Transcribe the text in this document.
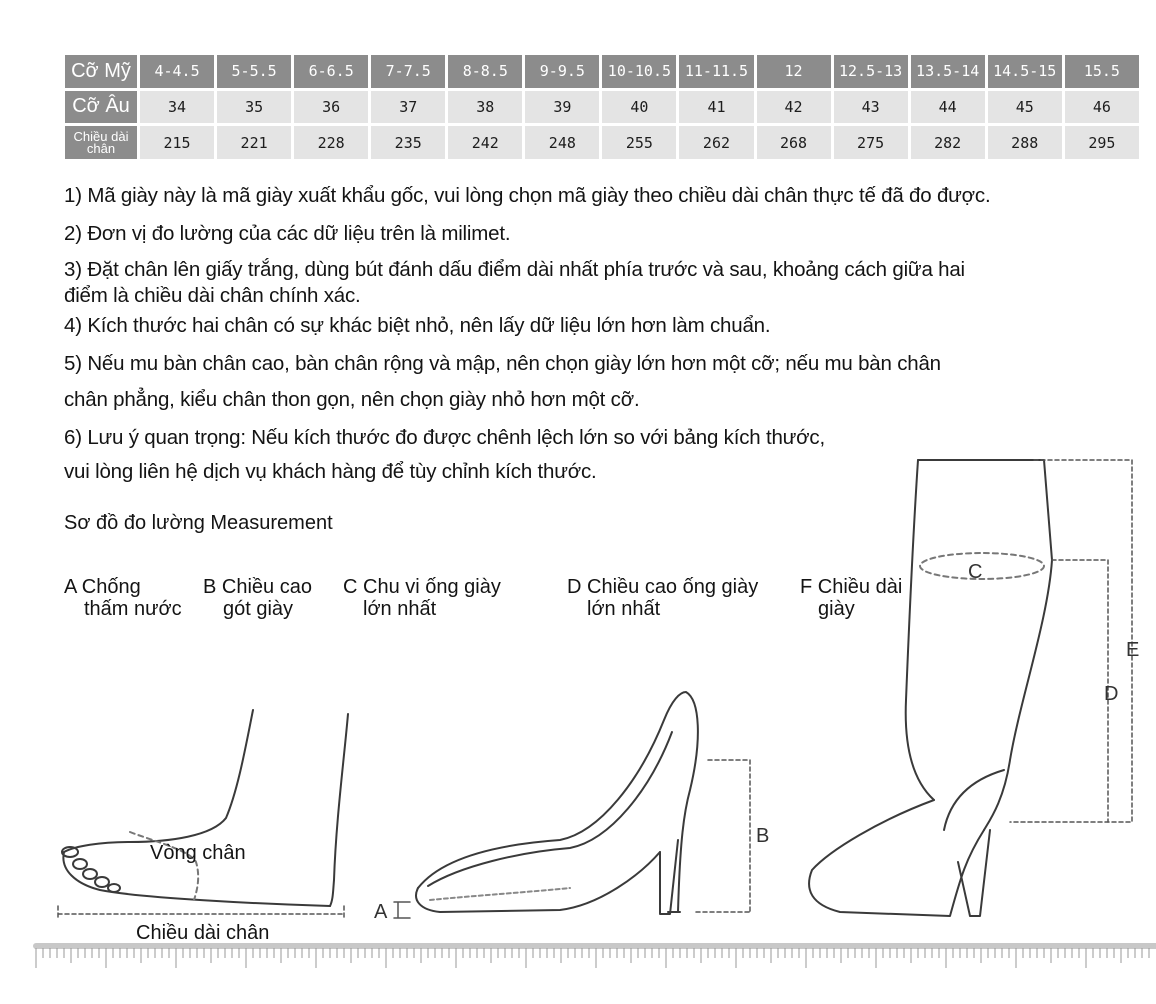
Cỡ Mỹ	4-4.5	5-5.5	6-6.5	7-7.5	8-8.5	9-9.5	10-10.5	11-11.5	12	12.5-13	13.5-14	14.5-15	15.5
Cỡ Âu	34	35	36	37	38	39	40	41	42	43	44	45	46
Chiều dài chân	215	221	228	235	242	248	255	262	268	275	282	288	295
1) Mã giày này là mã giày xuất khẩu gốc, vui lòng chọn mã giày theo chiều dài chân thực tế đã đo được.
2) Đơn vị đo lường của các dữ liệu trên là milimet.
3) Đặt chân lên giấy trắng, dùng bút đánh dấu điểm dài nhất phía trước và sau, khoảng cách giữa hai
điểm là chiều dài chân chính xác.
4) Kích thước hai chân có sự khác biệt nhỏ, nên lấy dữ liệu lớn hơn làm chuẩn.
5) Nếu mu bàn chân cao, bàn chân rộng và mập, nên chọn giày lớn hơn một cỡ; nếu mu bàn chân
chân phẳng, kiểu chân thon gọn, nên chọn giày nhỏ hơn một cỡ.
6) Lưu ý quan trọng: Nếu kích thước đo được chênh lệch lớn so với bảng kích thước,
vui lòng liên hệ dịch vụ khách hàng để tùy chỉnh kích thước.
Sơ đồ đo lường Measurement
A Chống
thấm nước
B Chiều cao
gót giày
C Chu vi ống giày
lớn nhất
D Chiều cao ống giày
lớn nhất
F Chiều dài
giày
A
B
C
D
E
Vòng chân
Chiều dài chân
